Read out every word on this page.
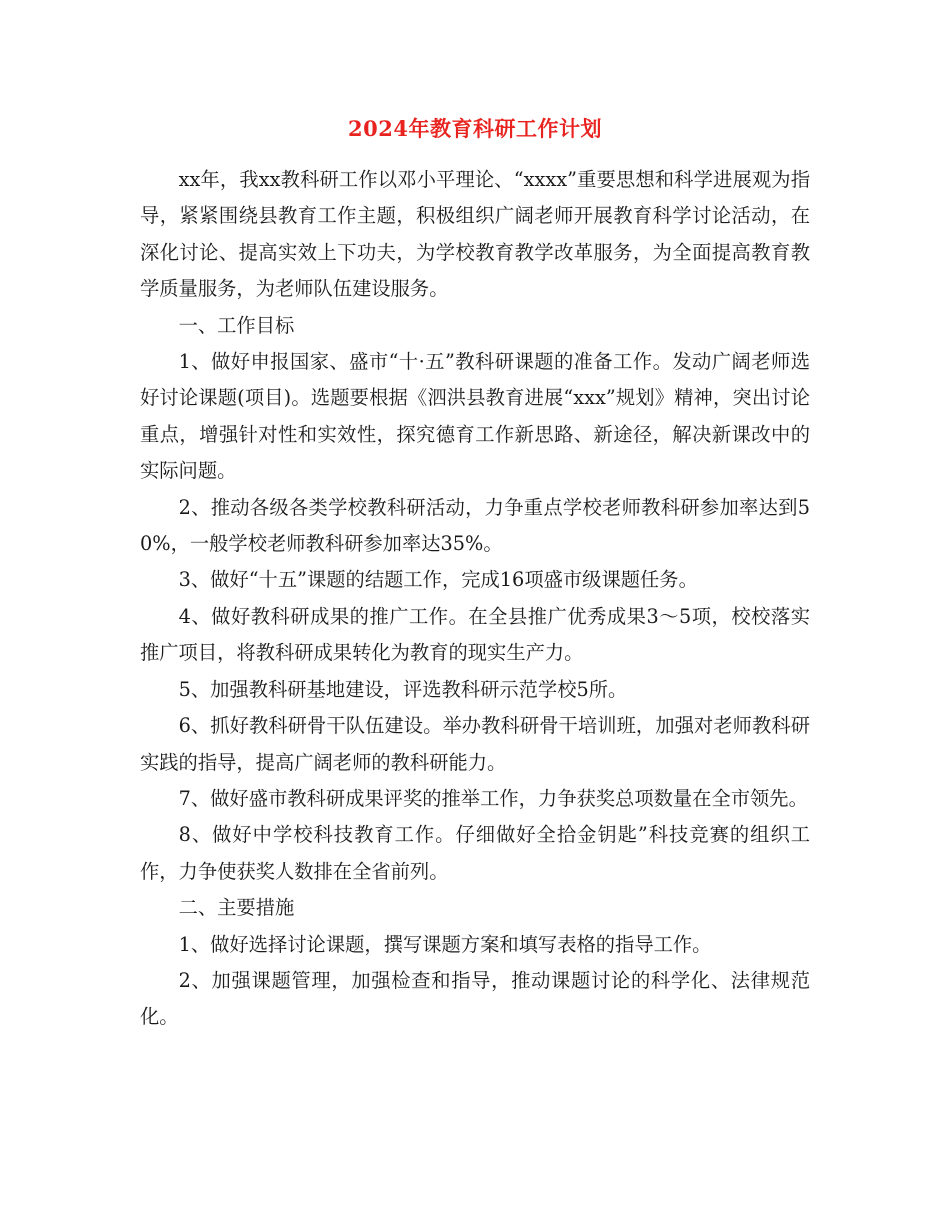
2024年教育科研工作计划

xx年，我xx教科研工作以邓小平理论、“xxxx”重要思想和科学进展观为指导，紧紧围绕县教育工作主题，积极组织广阔老师开展教育科学讨论活动，在深化讨论、提高实效上下功夫，为学校教育教学改革服务，为全面提高教育教学质量服务，为老师队伍建设服务。

一、工作目标

1、做好申报国家、盛市“十·五”教科研课题的准备工作。发动广阔老师选好讨论课题(项目)。选题要根据《泗洪县教育进展“xxx”规划》精神，突出讨论重点，增强针对性和实效性，探究德育工作新思路、新途径，解决新课改中的实际问题。

2、推动各级各类学校教科研活动，力争重点学校老师教科研参加率达到50%，一般学校老师教科研参加率达35%。

3、做好“十五”课题的结题工作，完成16项盛市级课题任务。

4、做好教科研成果的推广工作。在全县推广优秀成果3～5项，校校落实推广项目，将教科研成果转化为教育的现实生产力。

5、加强教科研基地建设，评选教科研示范学校5所。

6、抓好教科研骨干队伍建设。举办教科研骨干培训班，加强对老师教科研实践的指导，提高广阔老师的教科研能力。

7、做好盛市教科研成果评奖的推举工作，力争获奖总项数量在全市领先。

8、做好中学校科技教育工作。仔细做好全拾金钥匙”科技竞赛的组织工作，力争使获奖人数排在全省前列。

二、主要措施

1、做好选择讨论课题，撰写课题方案和填写表格的指导工作。

2、加强课题管理，加强检查和指导，推动课题讨论的科学化、法律规范化。
